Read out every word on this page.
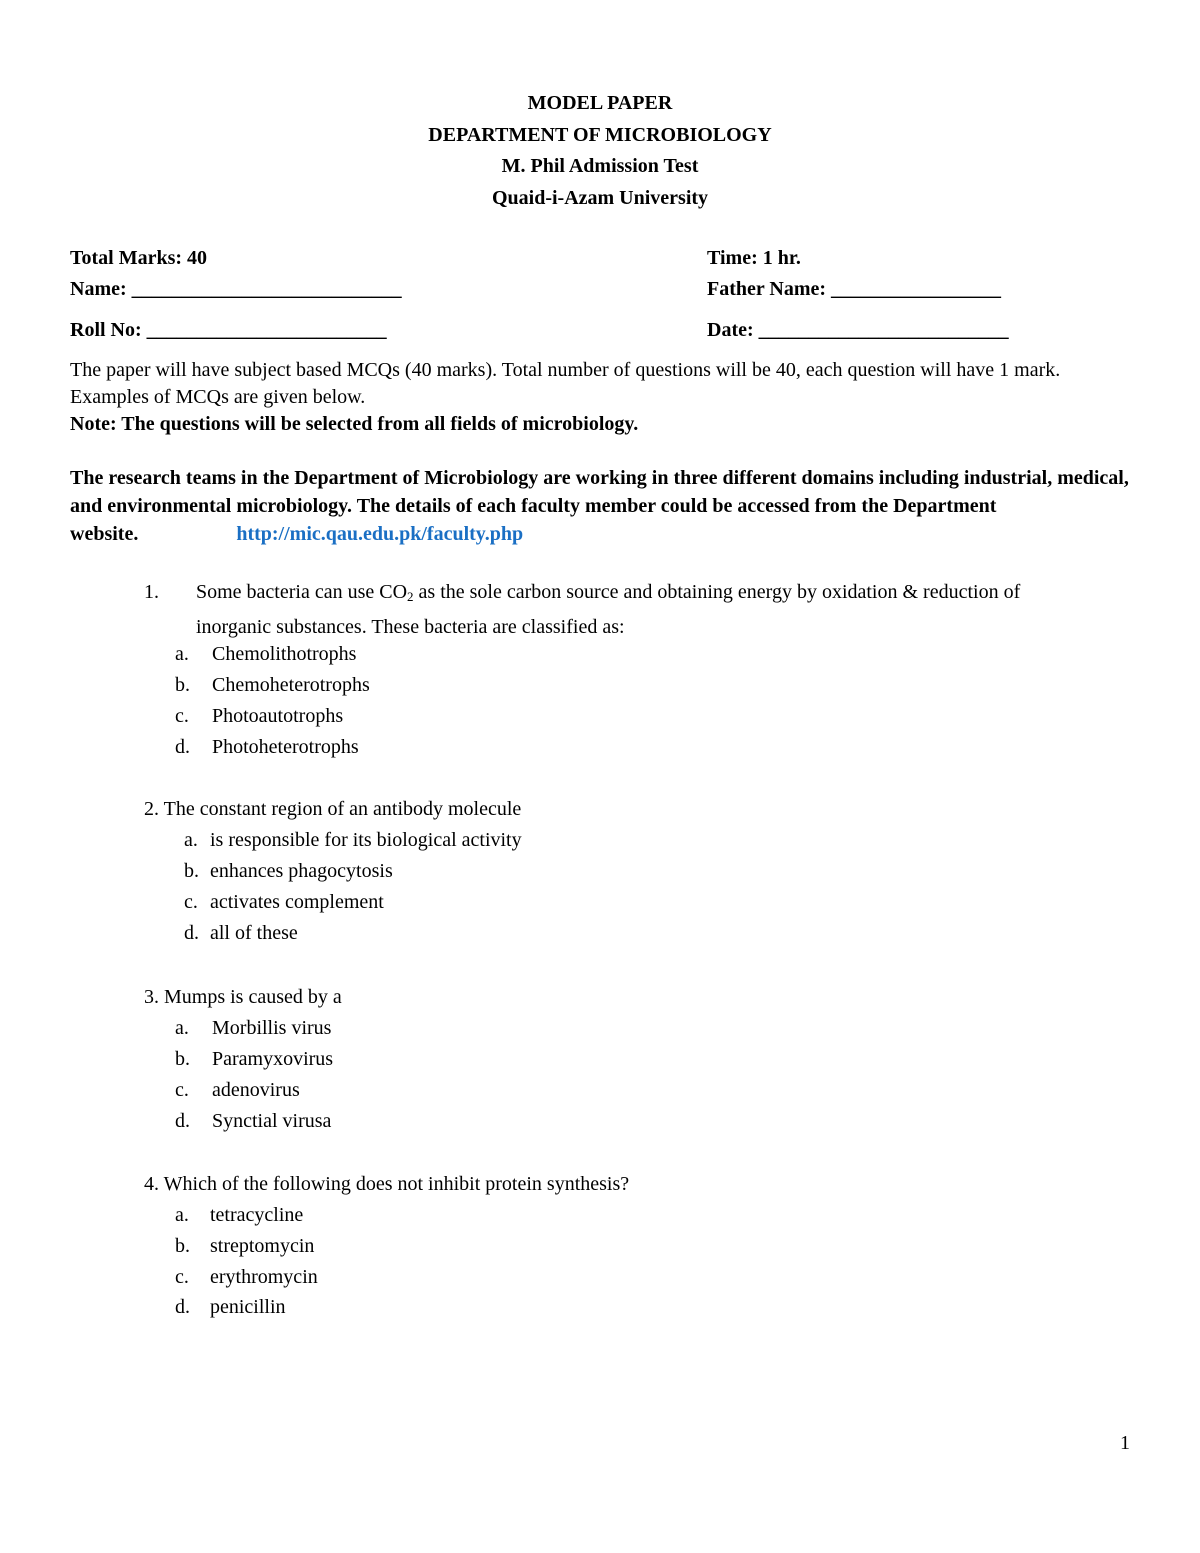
MODEL PAPER
DEPARTMENT OF MICROBIOLOGY
M. Phil Admission Test
Quaid-i-Azam University
Total Marks: 40	Time: 1 hr.
Name: ___________________________	Father Name: _________________
Roll No: ________________________	Date: _________________________
The paper will have subject based MCQs (40 marks). Total number of questions will be 40, each question will have 1 mark. Examples of MCQs are given below.
Note: The questions will be selected from all fields of microbiology.
The research teams in the Department of Microbiology are working in three different domains including industrial, medical, and environmental microbiology. The details of each faculty member could be accessed from the Department website.	http://mic.qau.edu.pk/faculty.php
1. Some bacteria can use $CO_2$ as the sole carbon source and obtaining energy by oxidation & reduction of inorganic substances. These bacteria are classified as:
a. Chemolithotrophs
b. Chemoheterotrophs
c. Photoautotrophs
d. Photoheterotrophs
2. The constant region of an antibody molecule
a. is responsible for its biological activity
b. enhances phagocytosis
c. activates complement
d. all of these
3. Mumps is caused by a
a. Morbillis virus
b. Paramyxovirus
c. adenovirus
d. Synctial virusa
4. Which of the following does not inhibit protein synthesis?
a. tetracycline
b. streptomycin
c. erythromycin
d. penicillin
1
